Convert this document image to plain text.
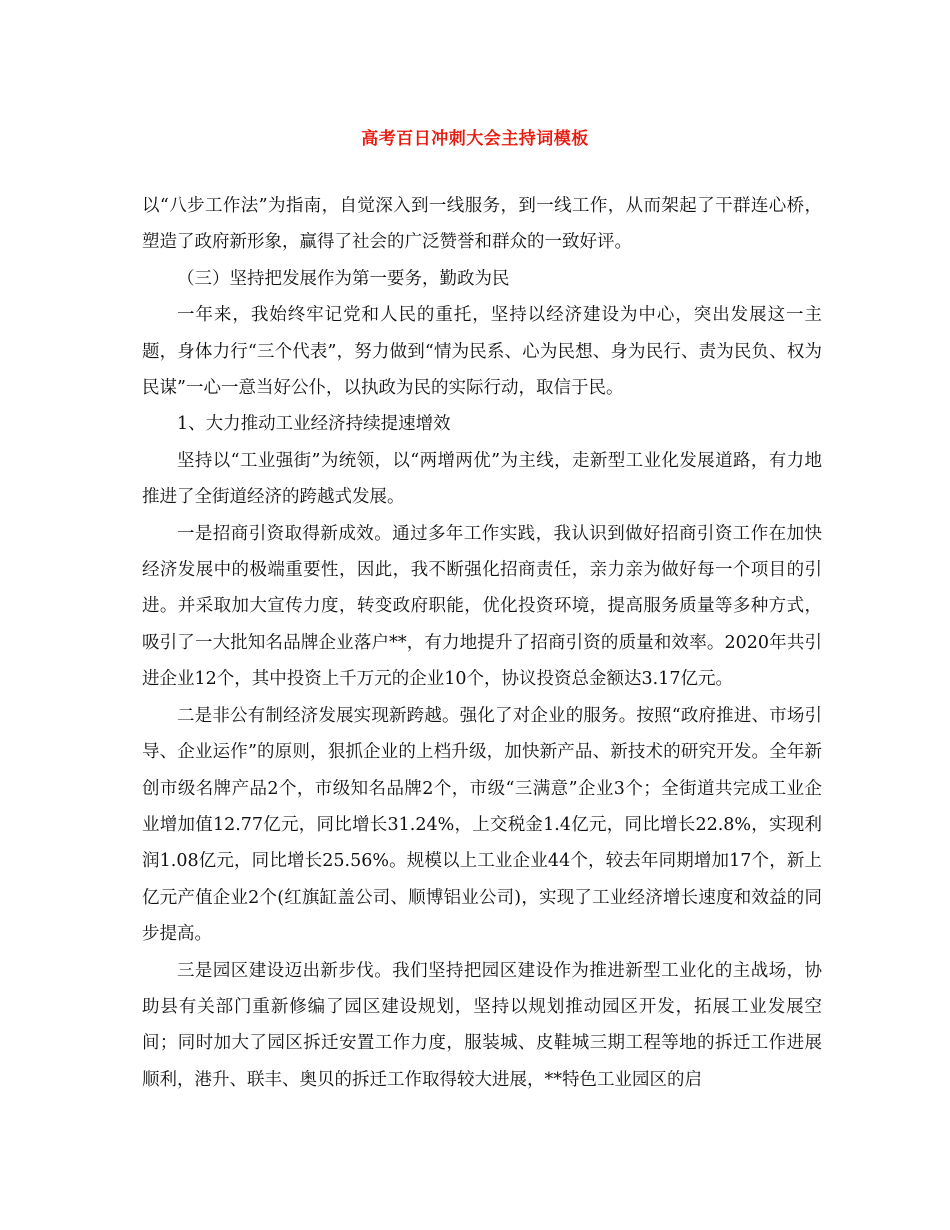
高考百日冲刺大会主持词模板

以“八步工作法”为指南，自觉深入到一线服务，到一线工作，从而架起了干群连心桥，塑造了政府新形象，赢得了社会的广泛赞誉和群众的一致好评。

（三）坚持把发展作为第一要务，勤政为民

一年来，我始终牢记党和人民的重托，坚持以经济建设为中心，突出发展这一主题，身体力行“三个代表”，努力做到“情为民系、心为民想、身为民行、责为民负、权为民谋”一心一意当好公仆，以执政为民的实际行动，取信于民。

1、大力推动工业经济持续提速增效

坚持以“工业强街”为统领，以“两增两优”为主线，走新型工业化发展道路，有力地推进了全街道经济的跨越式发展。

一是招商引资取得新成效。通过多年工作实践，我认识到做好招商引资工作在加快经济发展中的极端重要性，因此，我不断强化招商责任，亲力亲为做好每一个项目的引进。并采取加大宣传力度，转变政府职能，优化投资环境，提高服务质量等多种方式，吸引了一大批知名品牌企业落户**，有力地提升了招商引资的质量和效率。2020年共引进企业12个，其中投资上千万元的企业10个，协议投资总金额达3.17亿元。

二是非公有制经济发展实现新跨越。强化了对企业的服务。按照“政府推进、市场引导、企业运作”的原则，狠抓企业的上档升级，加快新产品、新技术的研究开发。全年新创市级名牌产品2个，市级知名品牌2个，市级“三满意”企业3个；全街道共完成工业企业增加值12.77亿元，同比增长31.24%，上交税金1.4亿元，同比增长22.8%，实现利润1.08亿元，同比增长25.56%。规模以上工业企业44个，较去年同期增加17个，新上亿元产值企业2个(红旗缸盖公司、顺博铝业公司)，实现了工业经济增长速度和效益的同步提高。

三是园区建设迈出新步伐。我们坚持把园区建设作为推进新型工业化的主战场，协助县有关部门重新修编了园区建设规划，坚持以规划推动园区开发，拓展工业发展空间；同时加大了园区拆迁安置工作力度，服装城、皮鞋城三期工程等地的拆迁工作进展顺利，港升、联丰、奥贝的拆迁工作取得较大进展，**特色工业园区的启
